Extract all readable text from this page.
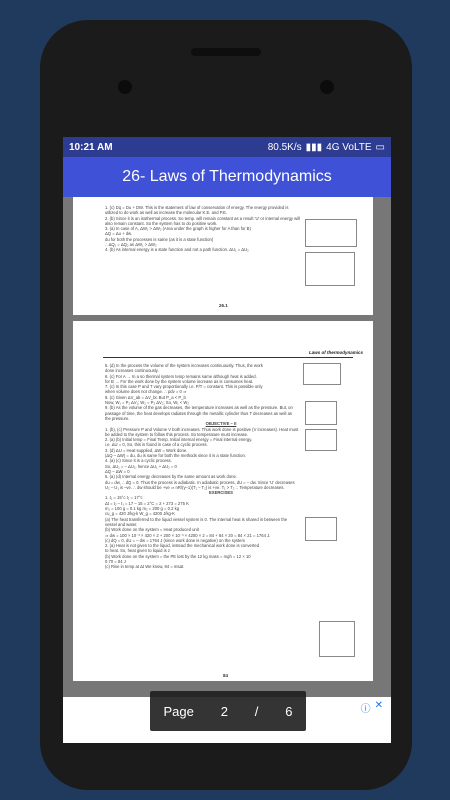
10:21 AM	80.5K/s ▮▮▮ 4G VoLTE ▭
26- Laws of Thermodynamics
1. (c) Dq = Du + DW. This is the statement of law of conservation of energy. The energy provided is
utilized to do work as well as increase the molecular K.E. and P.E.
2. (b) Since it is an isothermal process. So temp. will remain constant as a result 'U' or internal energy will
also remain constant. So the system has to do positive work.
3. (a) In case of A, ΔW₁ > ΔW₂ (Area under the graph is higher for A than for B)
ΔQ = Δu + dw.
du for both the processes is same (as it is a state function)
∴ ΔQ₁ = ΔQ₂ as ΔW₁ > ΔW₂
4. (b) As internal energy is a state function and not a path function. ΔU₁ = ΔU₂
26.1
Laws of thermodynamics
5. (d) In the process the volume of the system increases continuously. Thus, the work
done increases continuously.
6. (c) For A → In a so thermal system temp remains same although heat is added.
for B → For the work done by the system volume increase as is consumes heat.
7. (c) In this case P and T vary proportionally i.e. P/T = constant. This is possible only
when volume does not change. ∴ pdv = 0 ⇒
8. (c) Given ΔV_ab = ΔV_bc But P_a < P_b
Now, W₁ = P₁ ΔV₁; W₂ = P₂ ΔV₂; So, W₁ < W₂
9. (b) As the volume of the gas decreases, the temperature increases as well as the pressure. But, on
passage of time, the heat develops radiates through the metallic cylinder thus T decreases as well as
the pressure.
OBJECTIVE – II
1. (b), (c) Pressure P and Volume V both increases. Thus work done is positive (V increases). Heat must
be added to the system to follow this process. So temperature must increase.
2. (a) (b) Initial temp = Final Temp. Initial internal energy = Final internal energy.
i.e. ΔU = 0, So, this is found in case of a cyclic process.
3. (d) ΔU = Heat supplied, ΔW = Work done.
(ΔQ – ΔW) = du, du is same for both the methods since it is a state function.
4. (a) (c) Since it is a cyclic process.
So, ΔU₁ = – ΔU₂, hence ΔU₁ + ΔU₂ = 0
ΔQ – ΔW = 0
5. (a) (d) Internal energy decreases by the same amount as work done.
du = dw, ∴ dQ = 0. Thus the process is adiabatic. In adiabatic process, dU = – dw. Since 'U' decreases
U₂ – U₁ is –ve. ∴ dw should be +ve ⇒ nR/(γ–1)(T₁ – T₂) is +ve. T₁ > T₂ ∴ Temperature decreases.
EXERCISES
1. t₁ = 15°c t₂ = 17°c
Δt = t₂ – t₁ = 17 – 15 = 2°C = 2 + 273 = 275 K
m₁ = 100 g = 0.1 kg m₂ = 200 g = 0.2 kg
cu_g = 420 J/kg-k W_g = 4200 J/kg-K
(a) The heat transferred to the liquid vessel system is 0. The internal heat is shared in between the
vessel and water.
(b) Work done on the system = Heat produced unit
⇒ dw = 100 × 10⁻³ × 420 × 2 + 200 × 10⁻³ × 4200 × 2 = 84 + 84 × 20 = 84 × 21 = 1764 J.
(c) dQ = 0, dU = – dw = 1764 J (since work done is negative) on the system
2. (a) Heat is not given to the liquid, instead the mechanical work done is converted
to heat. So, heat given to liquid is z
(b) Work done on the system = the PE lost by the 12 kg mass = mgh = 12 × 10
0.70 = 84 J
(c) Rise in temp at Δt We know, 84 = msΔt
84
ⓘ ✕
Page 2 / 6
